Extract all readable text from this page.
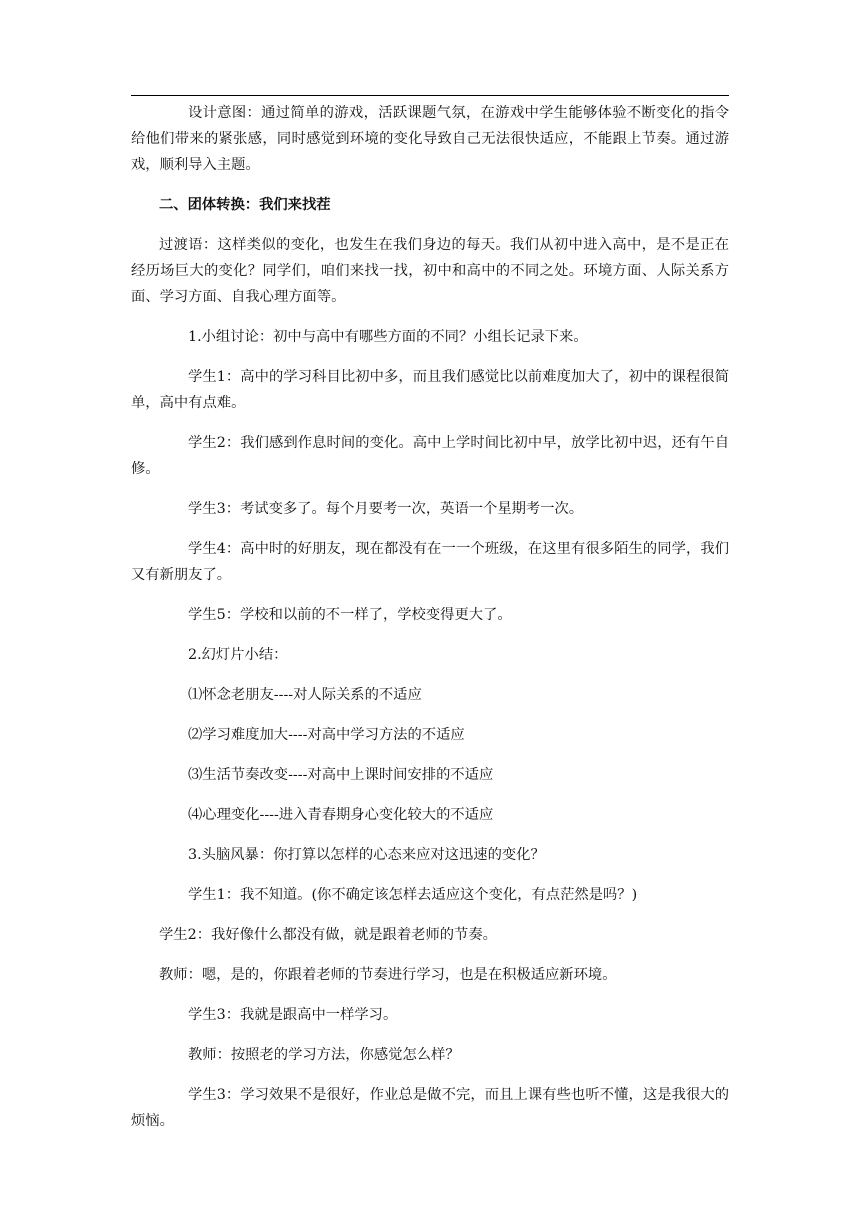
设计意图：通过简单的游戏，活跃课题气氛，在游戏中学生能够体验不断变化的指令给他们带来的紧张感，同时感觉到环境的变化导致自己无法很快适应，不能跟上节奏。通过游戏，顺利导入主题。

二、团体转换：我们来找茬

过渡语：这样类似的变化，也发生在我们身边的每天。我们从初中进入高中，是不是正在经历场巨大的变化？同学们，咱们来找一找，初中和高中的不同之处。环境方面、人际关系方面、学习方面、自我心理方面等。

1.小组讨论：初中与高中有哪些方面的不同？小组长记录下来。

学生1：高中的学习科目比初中多，而且我们感觉比以前难度加大了，初中的课程很简单，高中有点难。

学生2：我们感到作息时间的变化。高中上学时间比初中早，放学比初中迟，还有午自修。

学生3：考试变多了。每个月要考一次，英语一个星期考一次。

学生4：高中时的好朋友，现在都没有在一一个班级，在这里有很多陌生的同学，我们又有新朋友了。

学生5：学校和以前的不一样了，学校变得更大了。

2.幻灯片小结：

⑴怀念老朋友----对人际关系的不适应

⑵学习难度加大----对高中学习方法的不适应

⑶生活节奏改变----对高中上课时间安排的不适应

⑷心理变化----进入青春期身心变化较大的不适应

3.头脑风暴：你打算以怎样的心态来应对这迅速的变化？

学生1：我不知道。(你不确定该怎样去适应这个变化，有点茫然是吗？)

学生2：我好像什么都没有做，就是跟着老师的节奏。

教师：嗯，是的，你跟着老师的节奏进行学习，也是在积极适应新环境。

学生3：我就是跟高中一样学习。

教师：按照老的学习方法，你感觉怎么样？

学生3：学习效果不是很好，作业总是做不完，而且上课有些也听不懂，这是我很大的烦恼。
